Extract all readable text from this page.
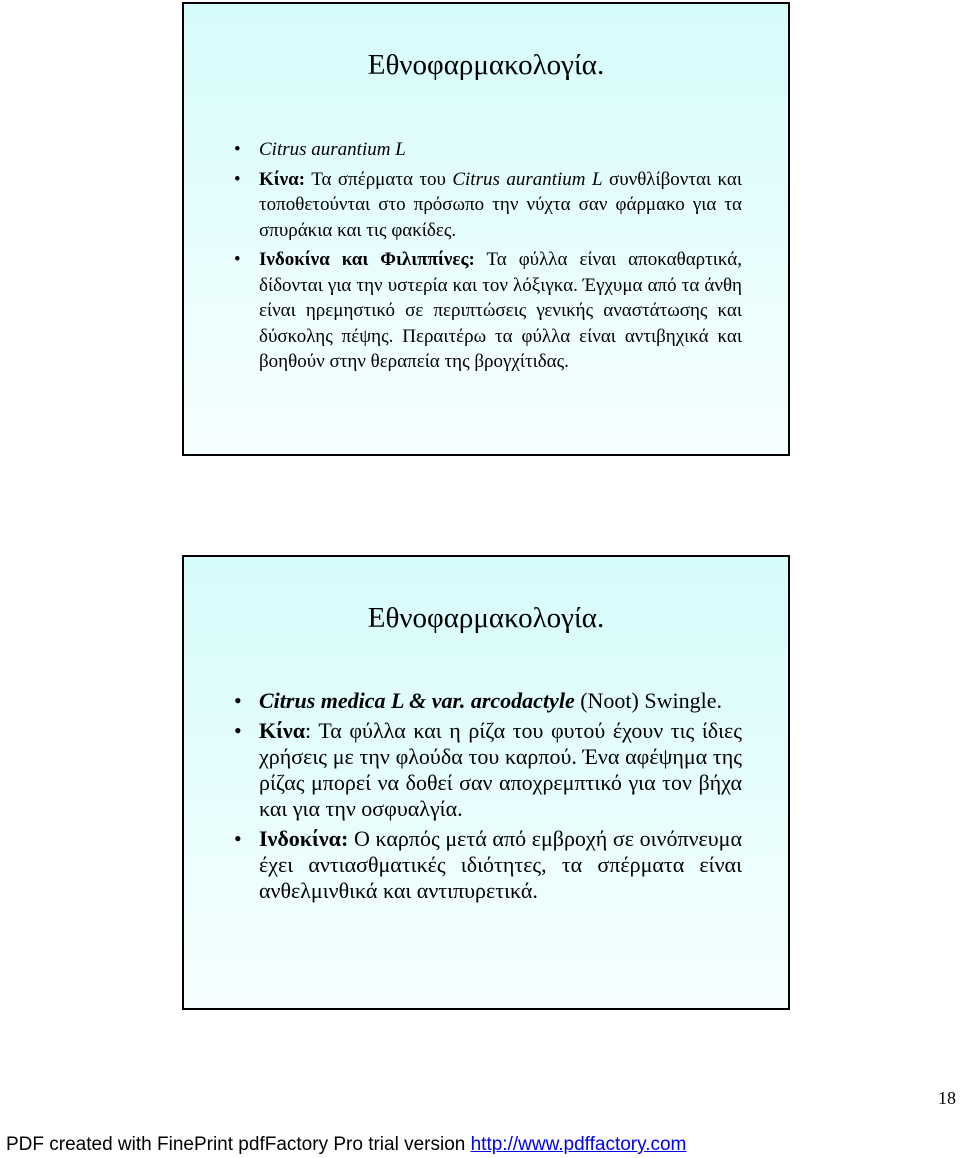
Εθνοφαρμακολογία.
• Citrus aurantium L
• Κίνα: Τα σπέρματα του Citrus aurantium L συνθλίβονται και τοποθετούνται στο πρόσωπο την νύχτα σαν φάρμακο για τα σπυράκια και τις φακίδες.
• Ινδοκίνα και Φιλιππίνες: Τα φύλλα είναι αποκαθαρτικά, δίδονται για την υστερία και τον λόξιγκα. Έγχυμα από τα άνθη είναι ηρεμηστικό σε περιπτώσεις γενικής αναστάτωσης και δύσκολης πέψης. Περαιτέρω τα φύλλα είναι αντιβηχικά και βοηθούν στην θεραπεία της βρογχίτιδας.
Εθνοφαρμακολογία.
• Citrus medica L & var. arcodactyle (Noot) Swingle.
• Κίνα: Τα φύλλα και η ρίζα του φυτού έχουν τις ίδιες χρήσεις με την φλούδα του καρπού. Ένα αφέψημα της ρίζας μπορεί να δοθεί σαν αποχρεμπτικό για τον βήχα και για την οσφυαλγία.
• Ινδοκίνα: Ο καρπός μετά από εμβροχή σε οινόπνευμα έχει αντιασθματικές ιδιότητες, τα σπέρματα είναι ανθελμινθικά και αντιπυρετικά.
18
PDF created with FinePrint pdfFactory Pro trial version http://www.pdffactory.com
